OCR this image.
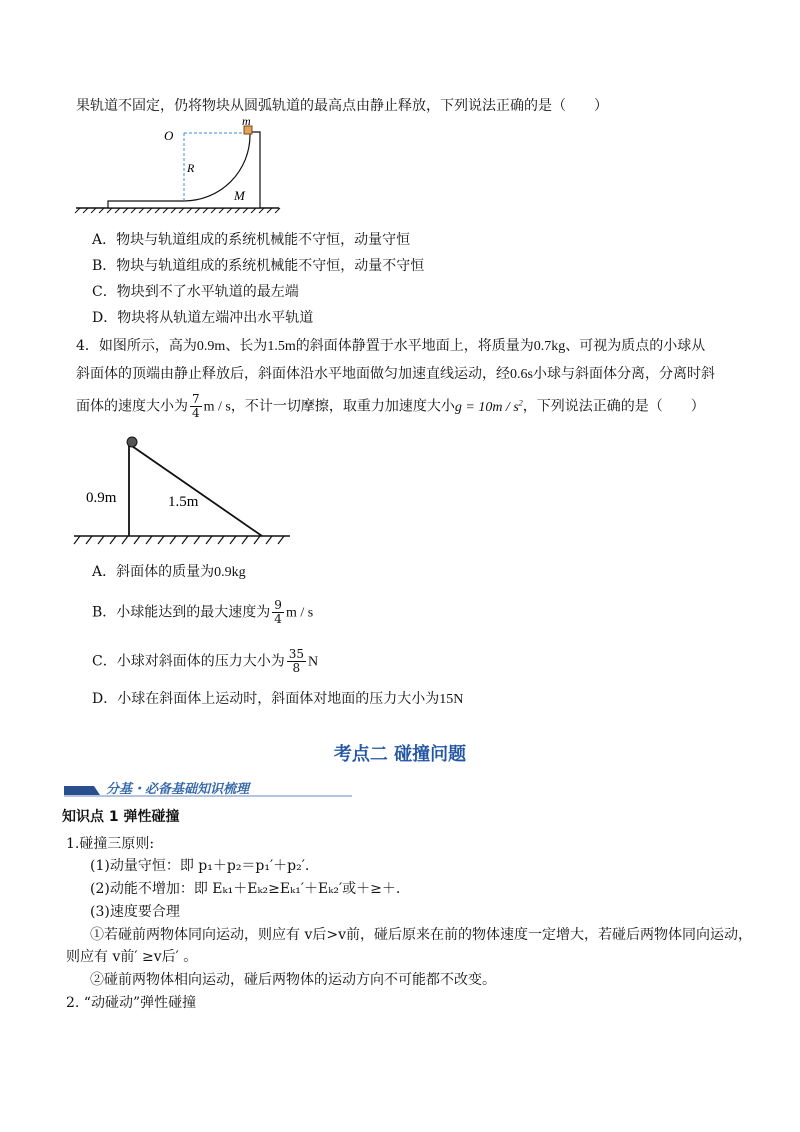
果轨道不固定，仍将物块从圆弧轨道的最高点由静止释放，下列说法正确的是（　　）
O
m
R
M
A．物块与轨道组成的系统机械能不守恒，动量守恒
B．物块与轨道组成的系统机械能不守恒，动量不守恒
C．物块到不了水平轨道的最左端
D．物块将从轨道左端冲出水平轨道
4．如图所示，高为0.9m、长为1.5m的斜面体静置于水平地面上，将质量为0.7kg、可视为质点的小球从
斜面体的顶端由静止释放后，斜面体沿水平地面做匀加速直线运动，经0.6s小球与斜面体分离，分离时斜
面体的速度大小为 $\frac{7}{4}$ m / s，不计一切摩擦，取重力加速度大小$g = 10m / s^2$，下列说法正确的是（　　）
0.9m	1.5m
A．斜面体的质量为0.9kg
B．小球能达到的最大速度为 $\frac{9}{4}$ m / s
C．小球对斜面体的压力大小为 $\frac{35}{8}$ N
D．小球在斜面体上运动时，斜面体对地面的压力大小为15N
考点二 碰撞问题
分基・必备基础知识梳理
知识点 1 弹性碰撞
1.碰撞三原则:
(1)动量守恒：即 p₁＋p₂＝p₁′＋p₂′.
(2)动能不增加：即 Eₖ₁＋Eₖ₂≥Eₖ₁′＋Eₖ₂′或＋≥＋.
(3)速度要合理
①若碰前两物体同向运动，则应有 v后>v前，碰后原来在前的物体速度一定增大，若碰后两物体同向运动，
则应有 v前′ ≥v后′ 。
②碰前两物体相向运动，碰后两物体的运动方向不可能都不改变。
2. “动碰动”弹性碰撞
